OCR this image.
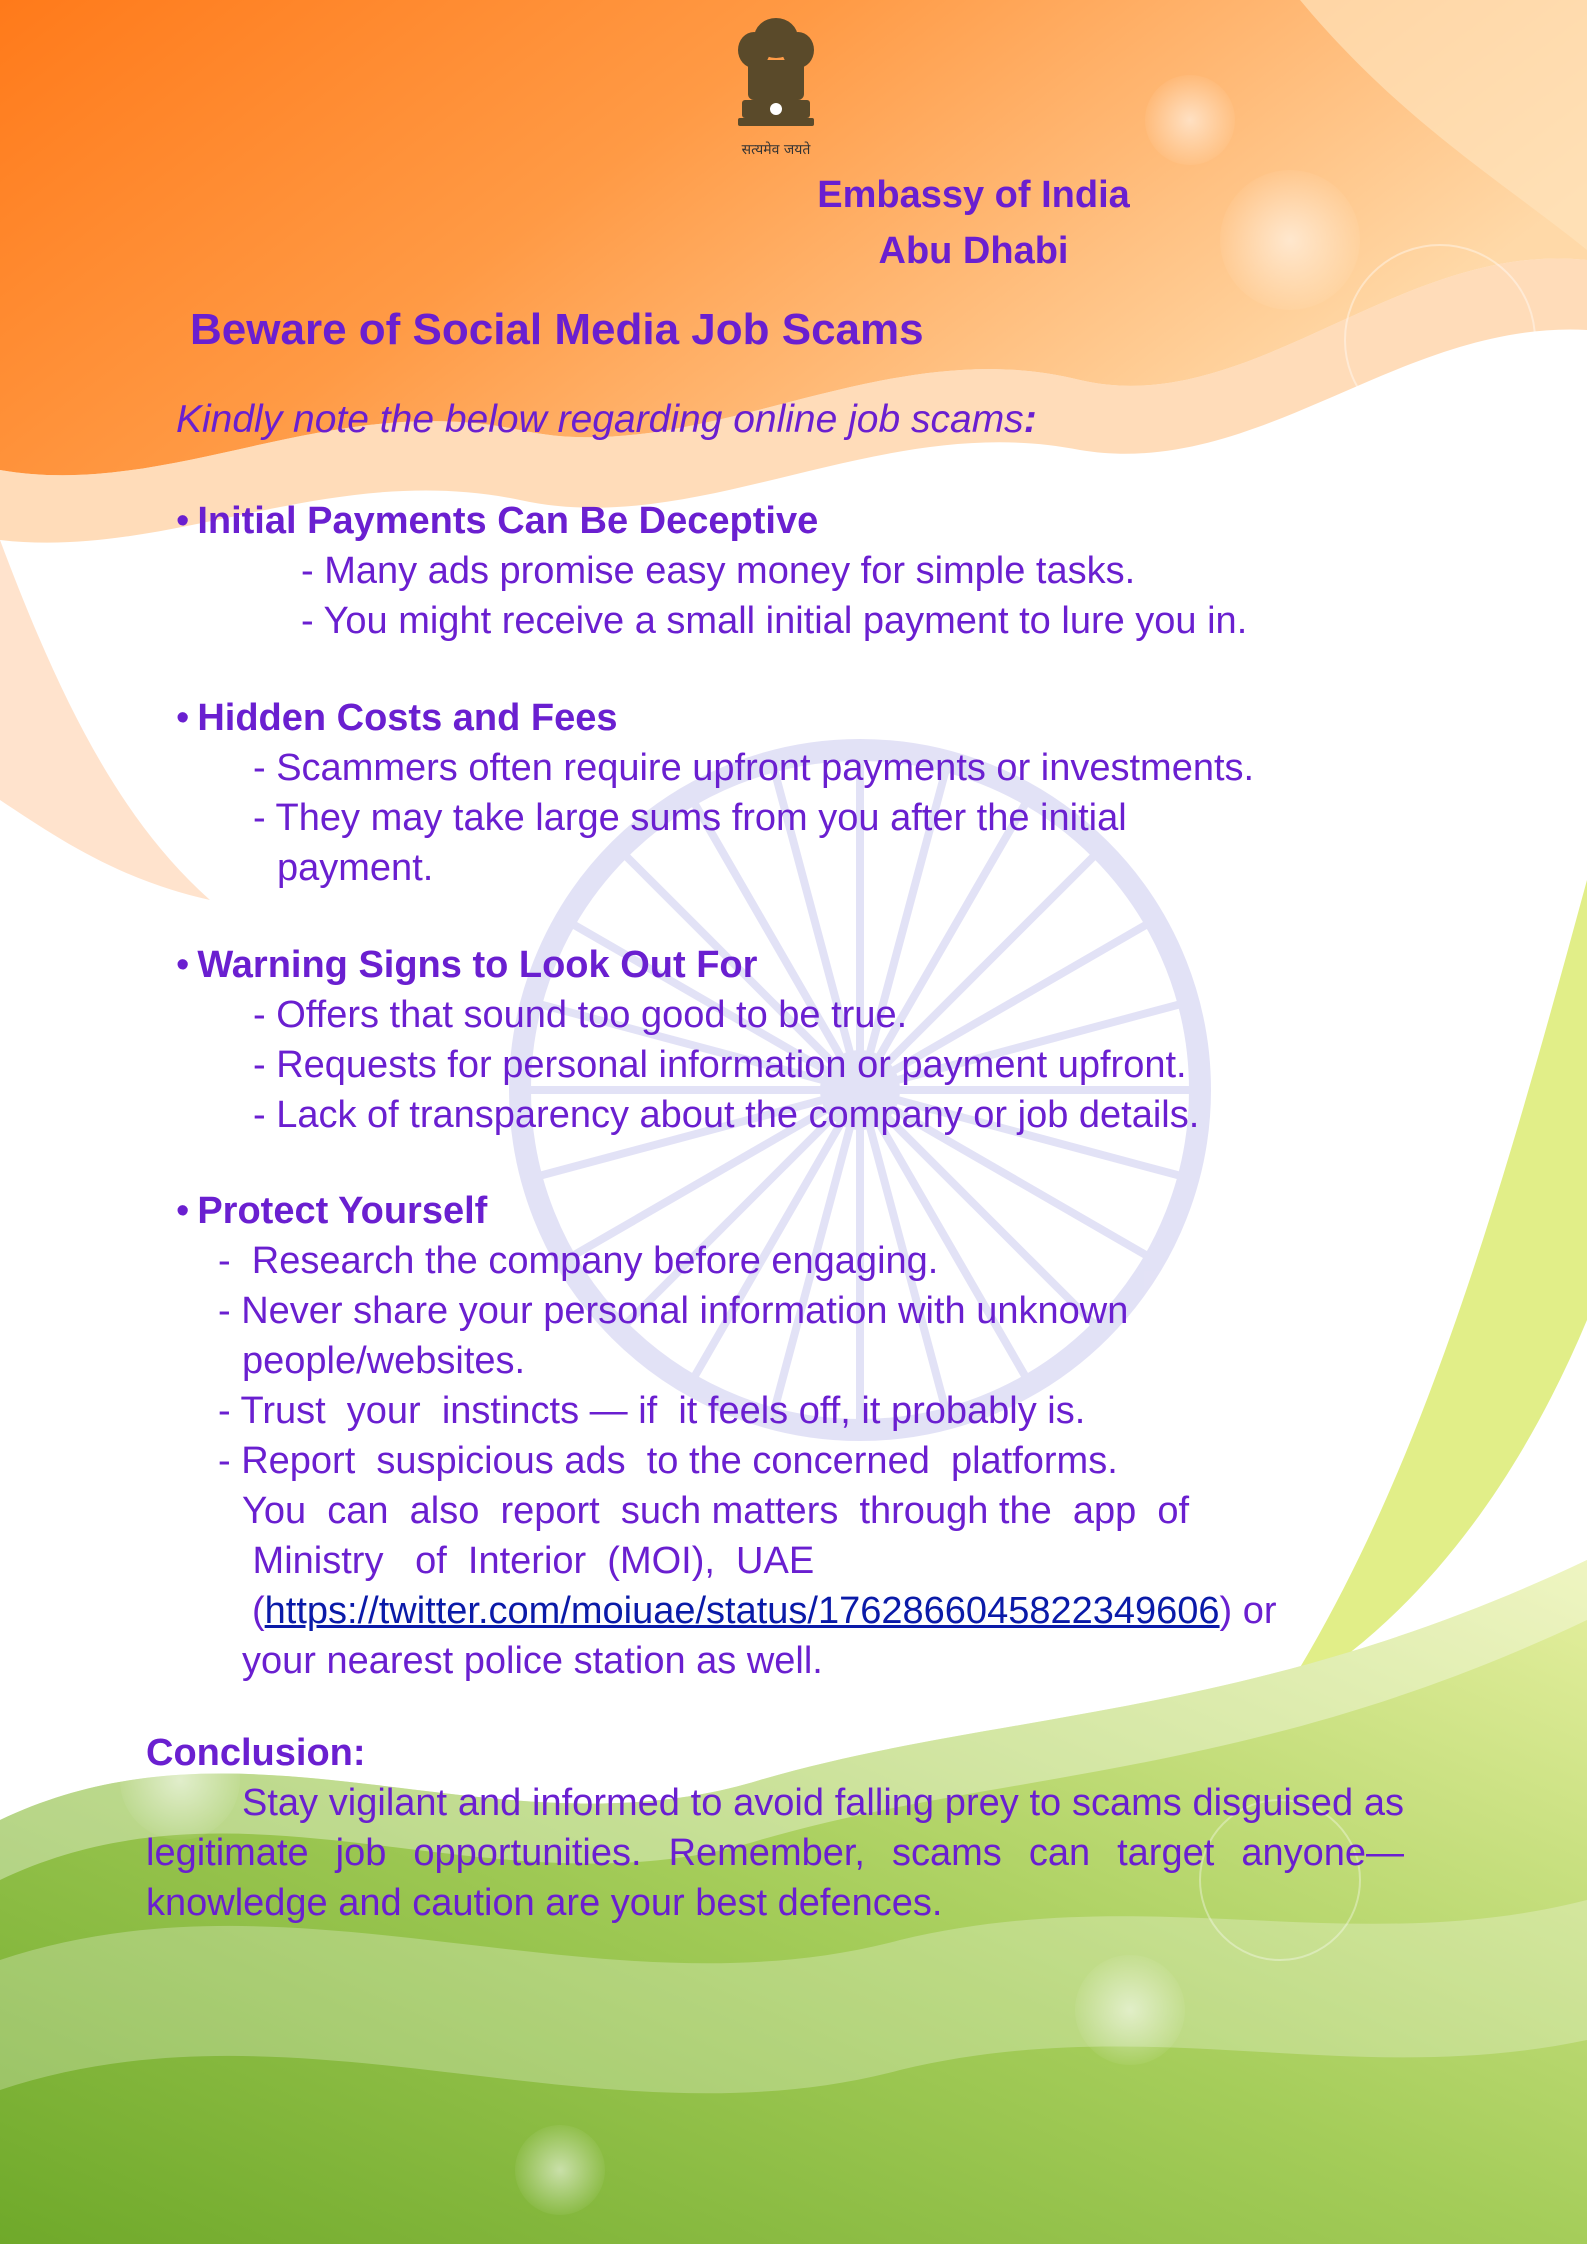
सत्यमेव जयते
Embassy of India
Abu Dhabi
Beware of Social Media Job Scams
Kindly note the below regarding online job scams:
• Initial Payments Can Be Deceptive
- Many ads promise easy money for simple tasks.
- You might receive a small initial payment to lure you in.
• Hidden Costs and Fees
- Scammers often require upfront payments or investments.
- They may take large sums from you after the initial
payment.
• Warning Signs to Look Out For
- Offers that sound too good to be true.
- Requests for personal information or payment upfront.
- Lack of transparency about the company or job details.
• Protect Yourself
-  Research the company before engaging.
- Never share your personal information with unknown
people/websites.
- Trust  your  instincts — if  it feels off, it probably is.
- Report  suspicious ads  to the concerned  platforms.
You  can  also  report  such matters  through the  app  of
Ministry   of  Interior  (MOI),  UAE
(https://twitter.com/moiuae/status/1762866045822349606) or
your nearest police station as well.
Conclusion:
Stay vigilant and informed to avoid falling prey to scams disguised as legitimate job opportunities. Remember, scams can target anyone—knowledge and caution are your best defences.
